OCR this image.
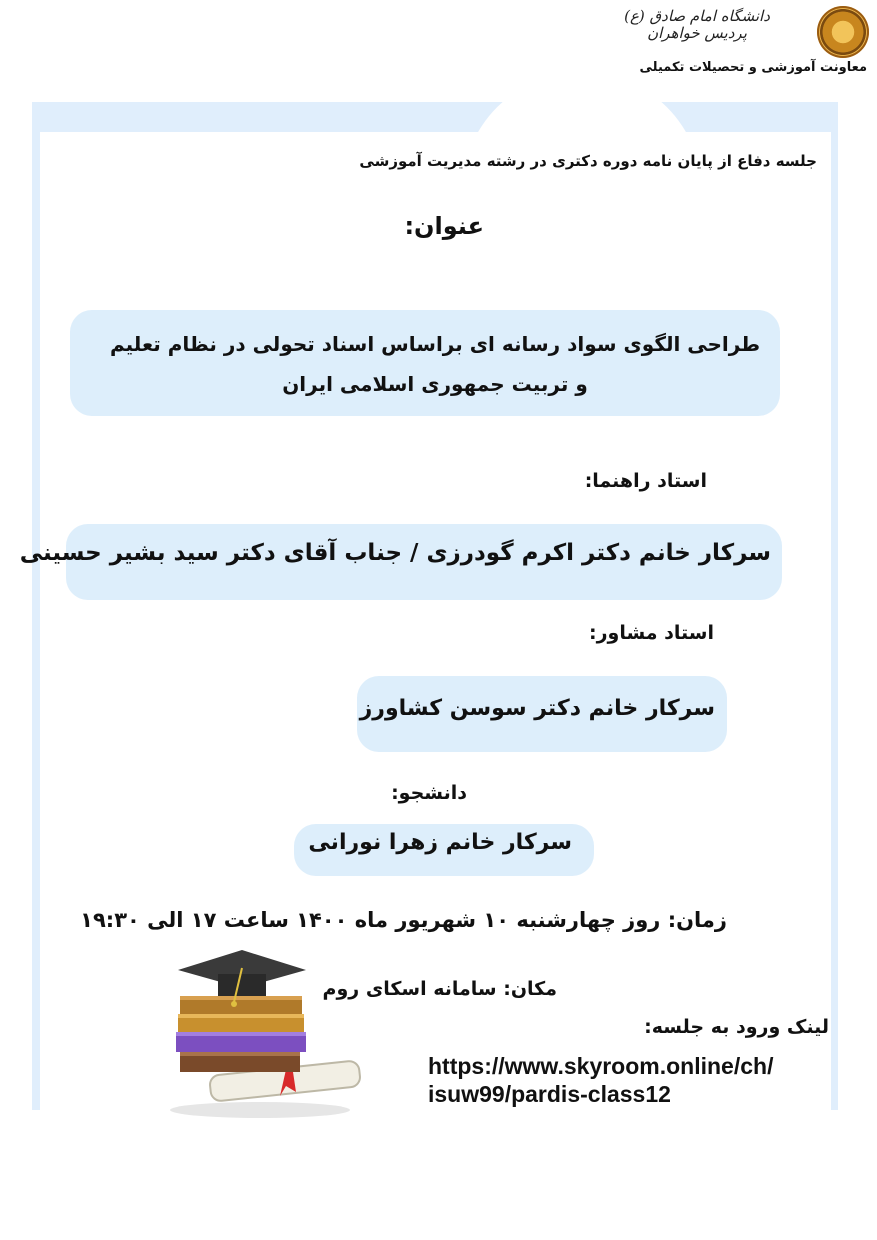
دانشگاه امام صادق (ع)
پردیس خواهران
معاونت آموزشی و تحصیلات تکمیلی
جلسه دفاع از پایان نامه دوره دکتری در رشته مدیریت آموزشی
عنوان:
طراحی الگوی سواد رسانه ای براساس اسناد تحولی در نظام تعلیم و تربیت جمهوری اسلامی ایران
استاد راهنما:
سرکار خانم دکتر اکرم گودرزی / جناب آقای دکتر سید بشیر حسینی
استاد مشاور:
سرکار خانم دکتر سوسن کشاورز
دانشجو:
سرکار خانم زهرا نورانی
زمان: روز چهارشنبه ۱۰ شهریور ماه ۱۴۰۰ ساعت ۱۷ الی ۱۹:۳۰
مکان: سامانه اسکای روم
لینک ورود به جلسه:
https://www.skyroom.online/ch/
isuw99/pardis-class12
